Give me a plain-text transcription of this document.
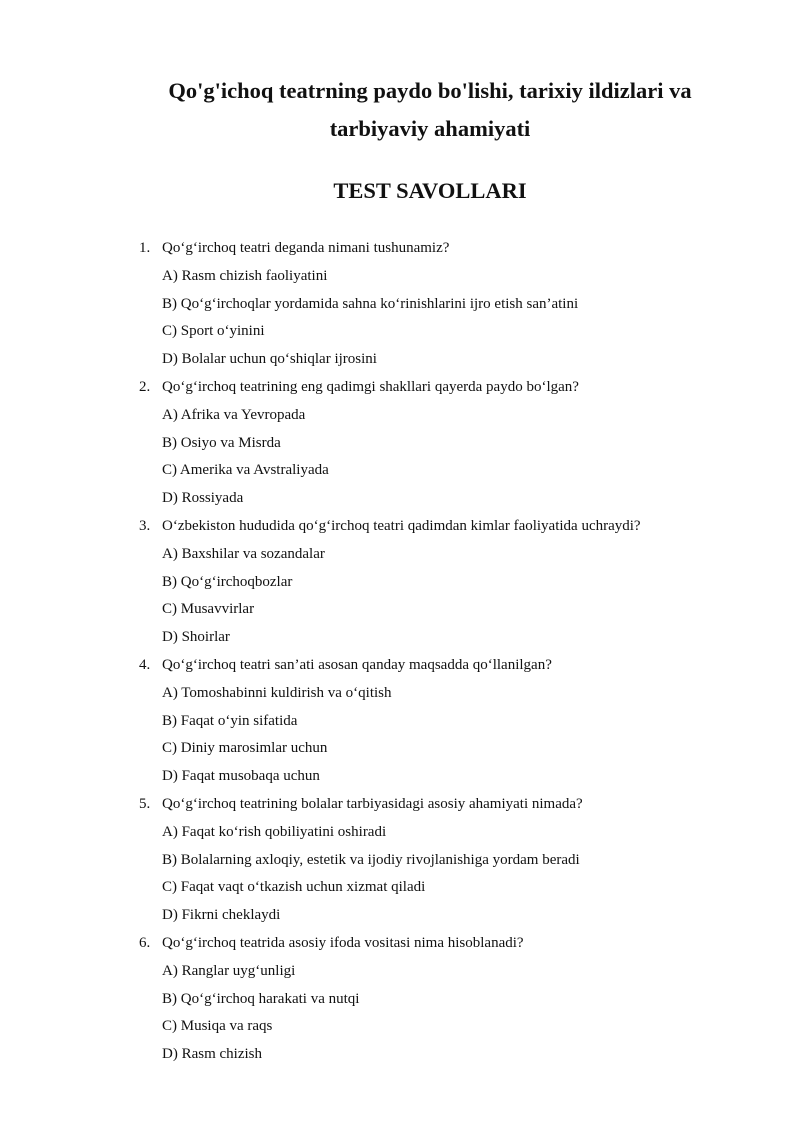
Qo'g'ichoq teatrning paydo bo'lishi, tarixiy ildizlari va tarbiyaviy ahamiyati
TEST SAVOLLARI
1. Qo‘g‘irchoq teatri deganda nimani tushunamiz?
A) Rasm chizish faoliyatini
B) Qo‘g‘irchoqlar yordamida sahna ko‘rinishlarini ijro etish san’atini
C) Sport o‘yinini
D) Bolalar uchun qo‘shiqlar ijrosini
2. Qo‘g‘irchoq teatrining eng qadimgi shakllari qayerda paydo bo‘lgan?
A) Afrika va Yevropada
B) Osiyo va Misrda
C) Amerika va Avstraliyada
D) Rossiyada
3. O‘zbekiston hududida qo‘g‘irchoq teatri qadimdan kimlar faoliyatida uchraydi?
A) Baxshilar va sozandalar
B) Qo‘g‘irchoqbozlar
C) Musavvirlar
D) Shoirlar
4. Qo‘g‘irchoq teatri san’ati asosan qanday maqsadda qo‘llanilgan?
A) Tomoshabinni kuldirish va o‘qitish
B) Faqat o‘yin sifatida
C) Diniy marosimlar uchun
D) Faqat musobaqa uchun
5. Qo‘g‘irchoq teatrining bolalar tarbiyasidagi asosiy ahamiyati nimada?
A) Faqat ko‘rish qobiliyatini oshiradi
B) Bolalarning axloqiy, estetik va ijodiy rivojlanishiga yordam beradi
C) Faqat vaqt o‘tkazish uchun xizmat qiladi
D) Fikrni cheklaydi
6. Qo‘g‘irchoq teatrida asosiy ifoda vositasi nima hisoblanadi?
A) Ranglar uyg‘unligi
B) Qo‘g‘irchoq harakati va nutqi
C) Musiqa va raqs
D) Rasm chizish
